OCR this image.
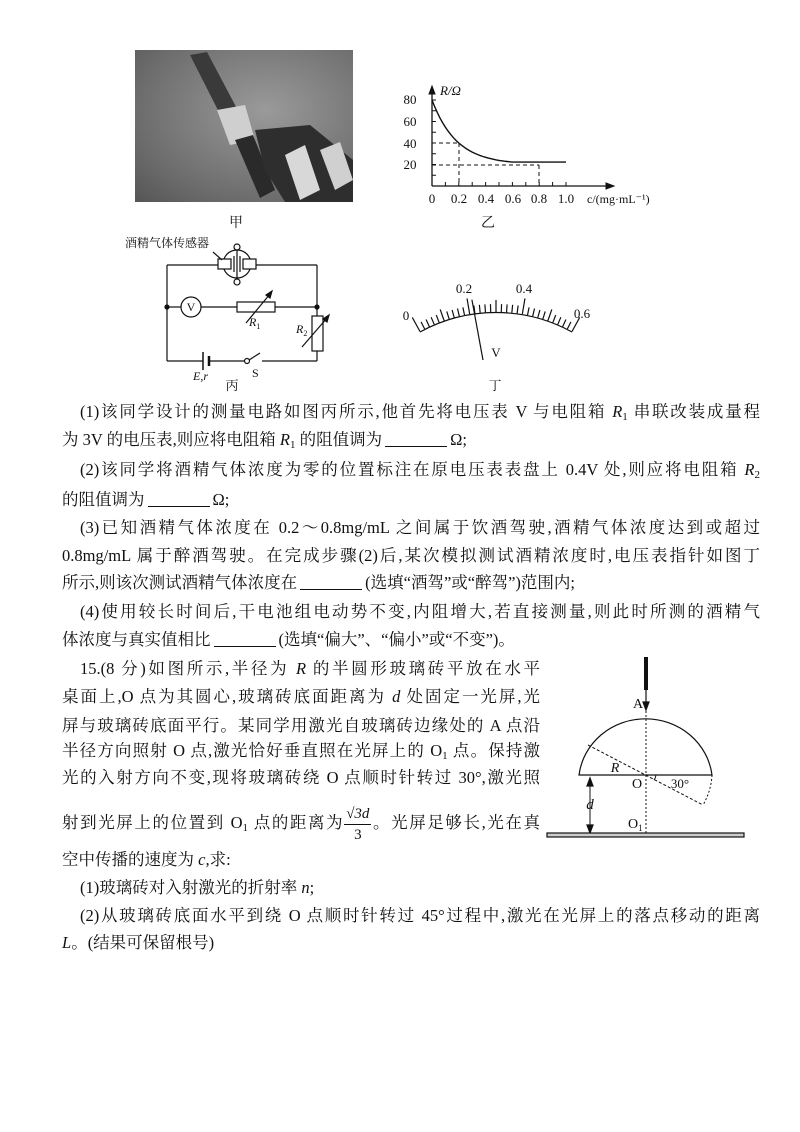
甲	乙
R/Ω
80
60
40
20
0 0.2 0.4 0.6 0.8 1.0 c/(mg·mL⁻¹)
酒精气体传感器
V
$R_1$	$R_2$
E,r	S
丙
0
0.2	0.4
0.6
V
丁
A
R
O 30°
d
$O_1$
(1)该同学设计的测量电路如图丙所示,他首先将电压表 V 与电阻箱 $R_1$ 串联改装成量程
为 3V 的电压表,则应将电阻箱 $R_1$ 的阻值调为	Ω;
(2)该同学将酒精气体浓度为零的位置标注在原电压表表盘上 0.4V 处,则应将电阻箱 $R_2$
的阻值调为	Ω;
(3)已知酒精气体浓度在 0.2～0.8mg/mL 之间属于饮酒驾驶,酒精气体浓度达到或超过
0.8mg/mL 属于醉酒驾驶。在完成步骤(2)后,某次模拟测试酒精浓度时,电压表指针如图丁
所示,则该次测试酒精气体浓度在	(选填“酒驾”或“醉驾”)范围内;
(4)使用较长时间后,干电池组电动势不变,内阻增大,若直接测量,则此时所测的酒精气
体浓度与真实值相比	(选填“偏大”、“偏小”或“不变”)。
15.(8 分)如图所示,半径为 R 的半圆形玻璃砖平放在水平
桌面上,O 点为其圆心,玻璃砖底面距离为 d 处固定一光屏,光
屏与玻璃砖底面平行。某同学用激光自玻璃砖边缘处的 A 点沿
半径方向照射 O 点,激光恰好垂直照在光屏上的 $O_1$ 点。保持激
光的入射方向不变,现将玻璃砖绕 O 点顺时针转过 30°,激光照
射到光屏上的位置到 $O_1$ 点的距离为 $\frac{√3d}{3}$ 。光屏足够长,光在真
空中传播的速度为 c,求:
(1)玻璃砖对入射激光的折射率 n;
(2)从玻璃砖底面水平到绕 O 点顺时针转过 45°过程中,激光在光屏上的落点移动的距离
L。(结果可保留根号)
